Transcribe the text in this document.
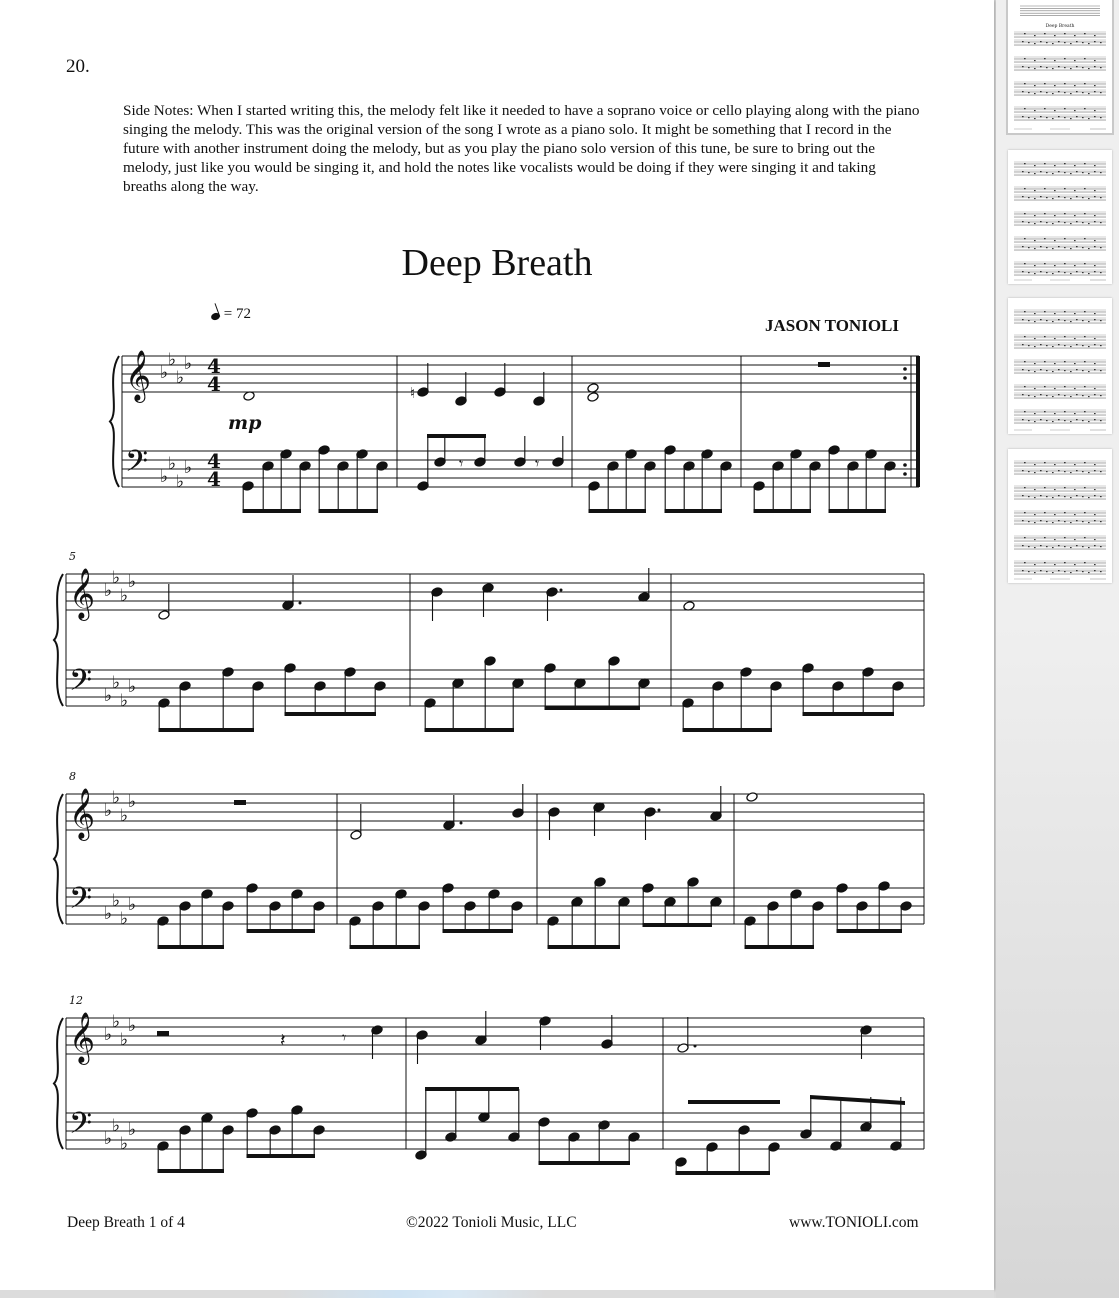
20.
Side Notes: When I started writing this, the melody felt like it needed to have a soprano voice or cello playing along with the piano singing the melody. This was the original version of the song I wrote as a piano solo. It might be something that I record in the future with another instrument doing the melody, but as you play the piano solo version of this tune, be sure to bring out the melody, just like you would be singing it, and hold the notes like vocalists would be doing if they were singing it and taking breaths along the way.
Deep Breath
= 72
JASON TONIOLI
𝄞
𝄢
♭
♭
♭
♭
♭
♭
♭
♭
4
4
4
4
mp
♮
𝄾	𝄾
𝄞
𝄢
♭
♭
♭
♭
♭
♭
♭
♭
5
𝄞
𝄢
♭
♭
♭
♭
♭
♭
♭
♭
8
𝄞
𝄢
♭
♭
♭
♭
♭
♭
♭
♭
12
𝄽	𝄾
Deep Breath 1 of 4	©2022 Tonioli Music, LLC	www.TONIOLI.com
Deep Breath
